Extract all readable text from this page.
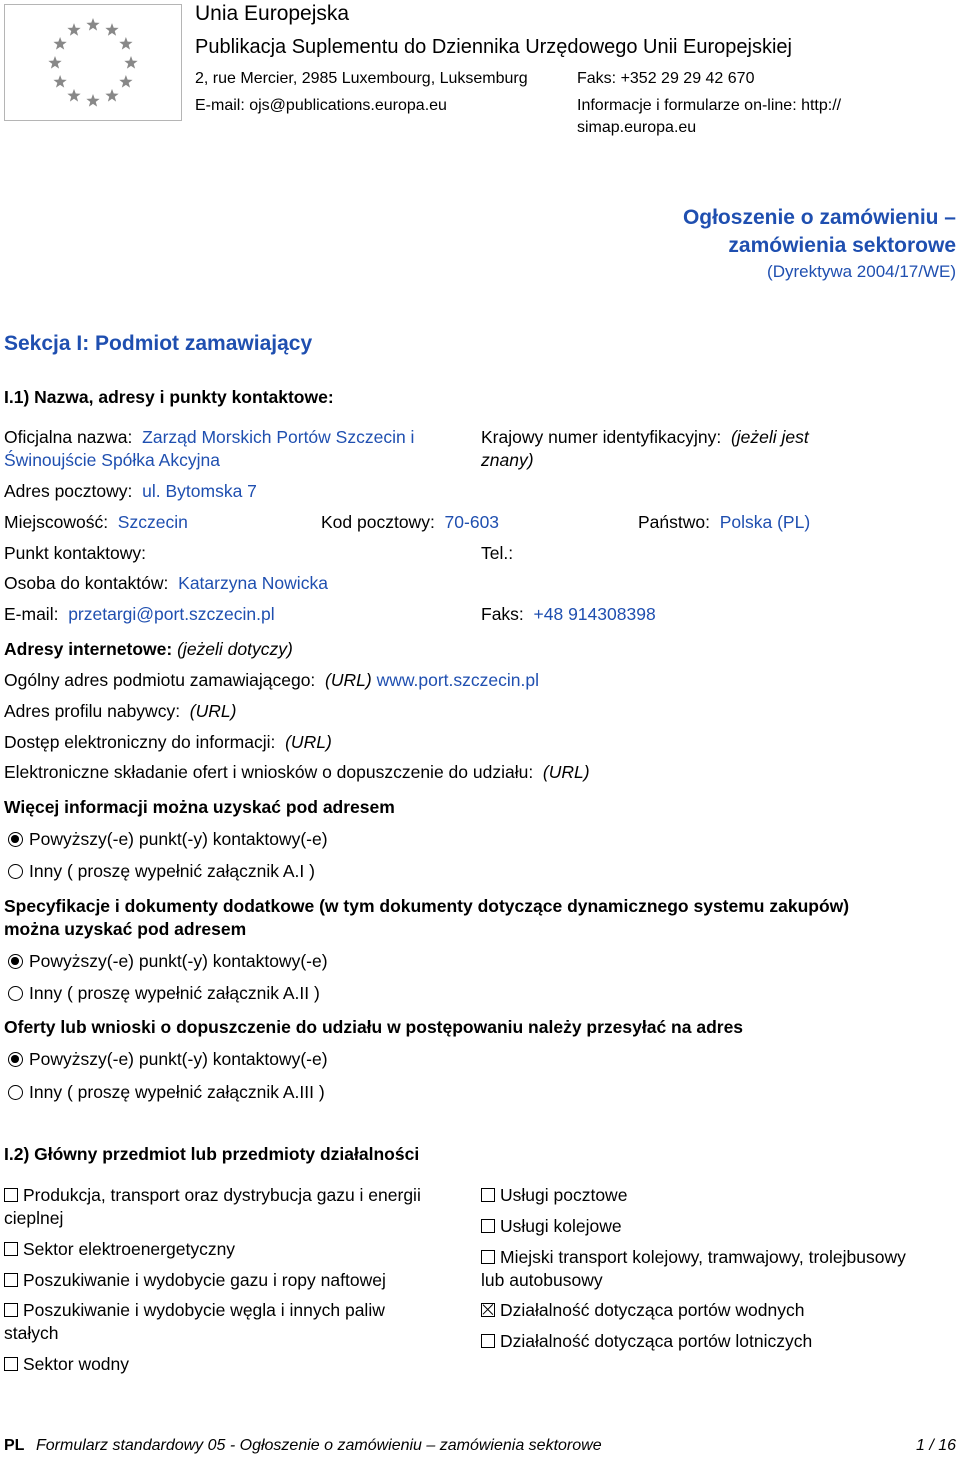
Unia Europejska
Publikacja Suplementu do Dziennika Urzędowego Unii Europejskiej
2, rue Mercier, 2985 Luxembourg, Luksemburg	Faks: +352 29 29 42 670
E-mail: ojs@publications.europa.eu	Informacje i formularze on-line: http://
simap.europa.eu
Ogłoszenie o zamówieniu –
zamówienia sektorowe
(Dyrektywa 2004/17/WE)
Sekcja I: Podmiot zamawiający
I.1) Nazwa, adresy i punkty kontaktowe:
Oficjalna nazwa: Zarząd Morskich Portów Szczecin i
Świnoujście Spółka Akcyjna
Krajowy numer identyfikacyjny: (jeżeli jest
znany)
Adres pocztowy: ul. Bytomska 7
Miejscowość: Szczecin	Kod pocztowy: 70-603	Państwo: Polska (PL)
Punkt kontaktowy:	Tel.:
Osoba do kontaktów: Katarzyna Nowicka
E-mail: przetargi@port.szczecin.pl	Faks: +48 914308398
Adresy internetowe: (jeżeli dotyczy)
Ogólny adres podmiotu zamawiającego: (URL) www.port.szczecin.pl
Adres profilu nabywcy: (URL)
Dostęp elektroniczny do informacji: (URL)
Elektroniczne składanie ofert i wniosków o dopuszczenie do udziału: (URL)
Więcej informacji można uzyskać pod adresem
Powyższy(-e) punkt(-y) kontaktowy(-e)
Inny ( proszę wypełnić załącznik A.I )
Specyfikacje i dokumenty dodatkowe (w tym dokumenty dotyczące dynamicznego systemu zakupów)
można uzyskać pod adresem
Powyższy(-e) punkt(-y) kontaktowy(-e)
Inny ( proszę wypełnić załącznik A.II )
Oferty lub wnioski o dopuszczenie do udziału w postępowaniu należy przesyłać na adres
Powyższy(-e) punkt(-y) kontaktowy(-e)
Inny ( proszę wypełnić załącznik A.III )
I.2) Główny przedmiot lub przedmioty działalności
Produkcja, transport oraz dystrybucja gazu i energii
cieplnej
Sektor elektroenergetyczny
Poszukiwanie i wydobycie gazu i ropy naftowej
Poszukiwanie i wydobycie węgla i innych paliw
stałych
Sektor wodny
Usługi pocztowe
Usługi kolejowe
Miejski transport kolejowy, tramwajowy, trolejbusowy
lub autobusowy
Działalność dotycząca portów wodnych
Działalność dotycząca portów lotniczych
PL Formularz standardowy 05 - Ogłoszenie o zamówieniu – zamówienia sektorowe	1 / 16
